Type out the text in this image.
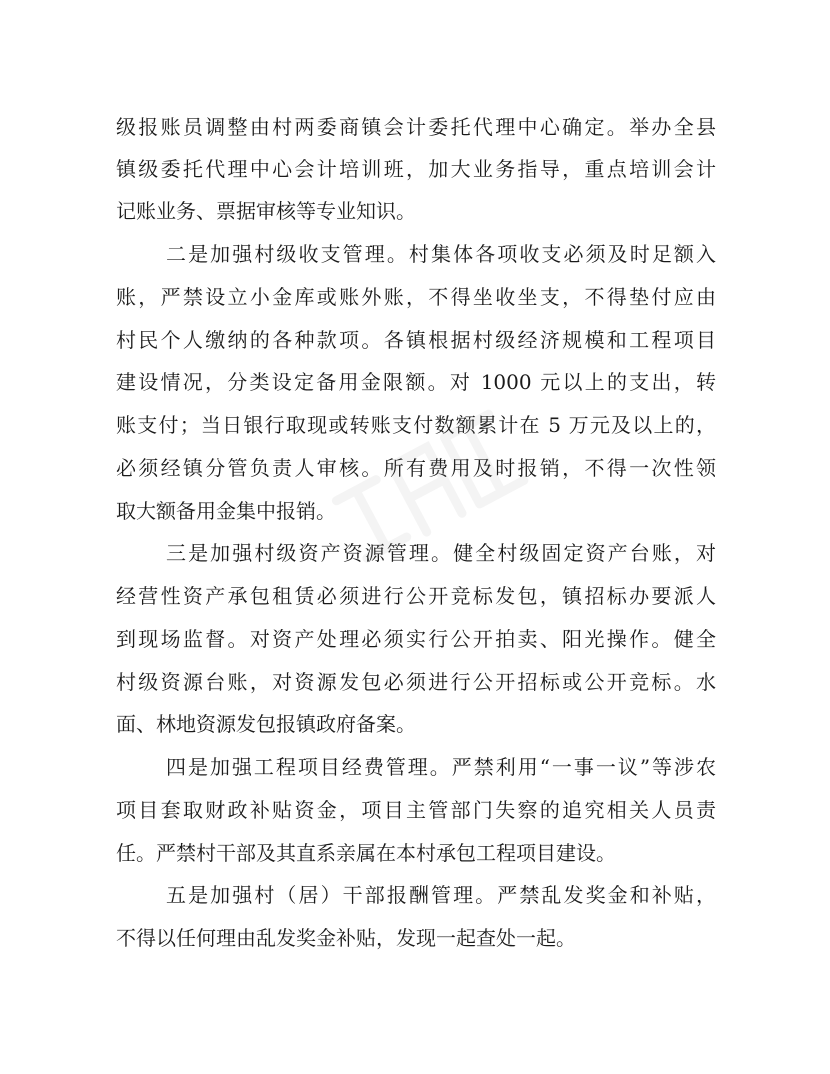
级报账员调整由村两委商镇会计委托代理中心确定。举办全县
镇级委托代理中心会计培训班，加大业务指导，重点培训会计
记账业务、票据审核等专业知识。
二是加强村级收支管理。村集体各项收支必须及时足额入
账，严禁设立小金库或账外账，不得坐收坐支，不得垫付应由
村民个人缴纳的各种款项。各镇根据村级经济规模和工程项目
建设情况，分类设定备用金限额。对 1000 元以上的支出，转
账支付；当日银行取现或转账支付数额累计在 5 万元及以上的，
必须经镇分管负责人审核。所有费用及时报销，不得一次性领
取大额备用金集中报销。
三是加强村级资产资源管理。健全村级固定资产台账，对
经营性资产承包租赁必须进行公开竞标发包，镇招标办要派人
到现场监督。对资产处理必须实行公开拍卖、阳光操作。健全
村级资源台账，对资源发包必须进行公开招标或公开竞标。水
面、林地资源发包报镇政府备案。
四是加强工程项目经费管理。严禁利用“一事一议”等涉农
项目套取财政补贴资金，项目主管部门失察的追究相关人员责
任。严禁村干部及其直系亲属在本村承包工程项目建设。
五是加强村（居）干部报酬管理。严禁乱发奖金和补贴，
不得以任何理由乱发奖金补贴，发现一起查处一起。
